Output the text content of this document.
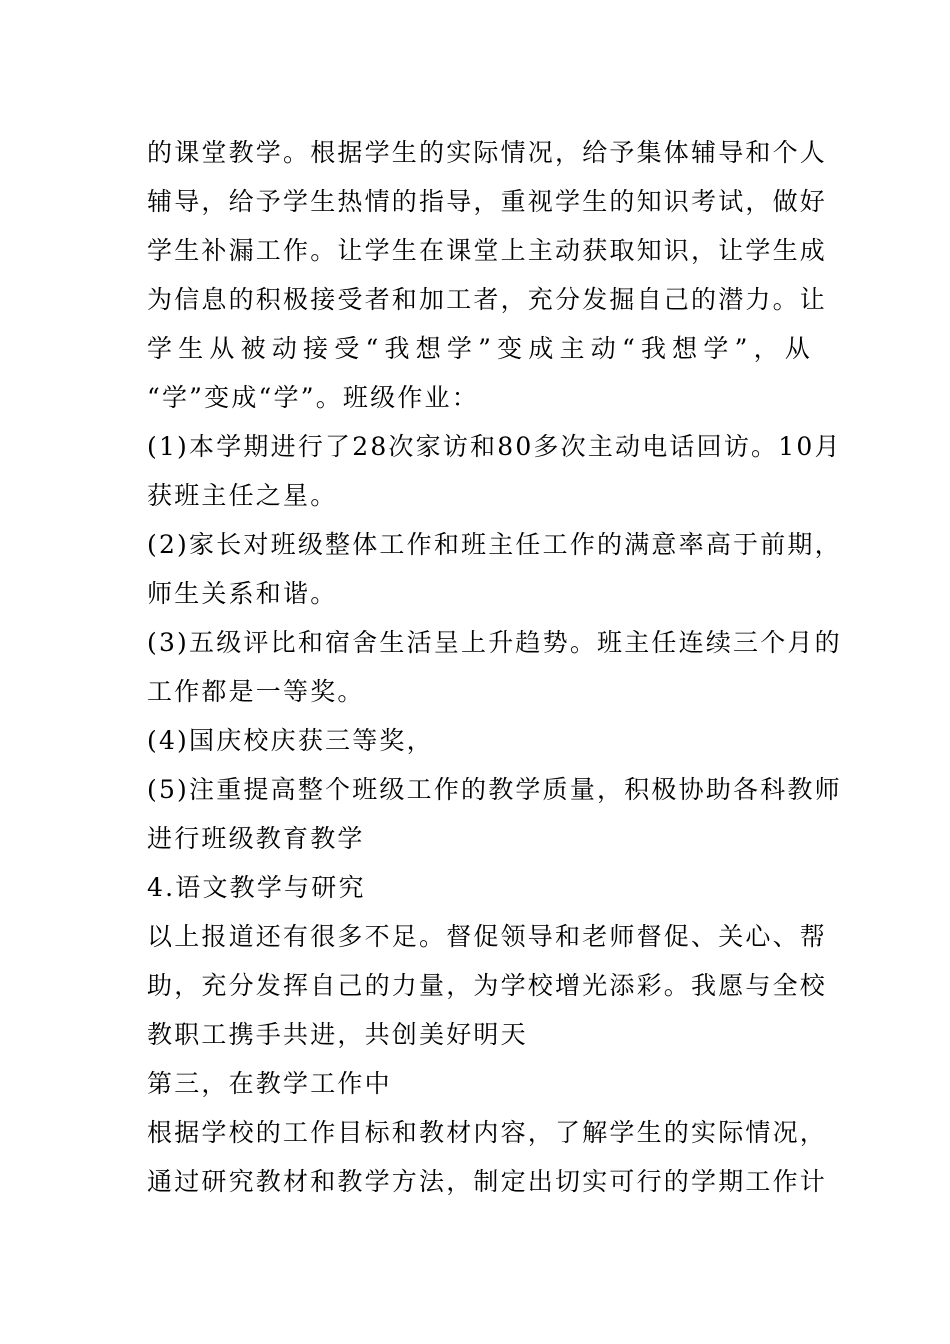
的课堂教学。根据学生的实际情况，给予集体辅导和个人
辅导，给予学生热情的指导，重视学生的知识考试，做好
学生补漏工作。让学生在课堂上主动获取知识，让学生成
为信息的积极接受者和加工者，充分发掘自己的潜力。让
学生从被动接受“我想学”变成主动“我想学”，从
“学”变成“学”。班级作业：
(1)本学期进行了28次家访和80多次主动电话回访。10月
获班主任之星。
(2)家长对班级整体工作和班主任工作的满意率高于前期，
师生关系和谐。
(3)五级评比和宿舍生活呈上升趋势。班主任连续三个月的
工作都是一等奖。
(4)国庆校庆获三等奖，
(5)注重提高整个班级工作的教学质量，积极协助各科教师
进行班级教育教学
4.语文教学与研究
以上报道还有很多不足。督促领导和老师督促、关心、帮
助，充分发挥自己的力量，为学校增光添彩。我愿与全校
教职工携手共进，共创美好明天
第三，在教学工作中
根据学校的工作目标和教材内容，了解学生的实际情况，
通过研究教材和教学方法，制定出切实可行的学期工作计
